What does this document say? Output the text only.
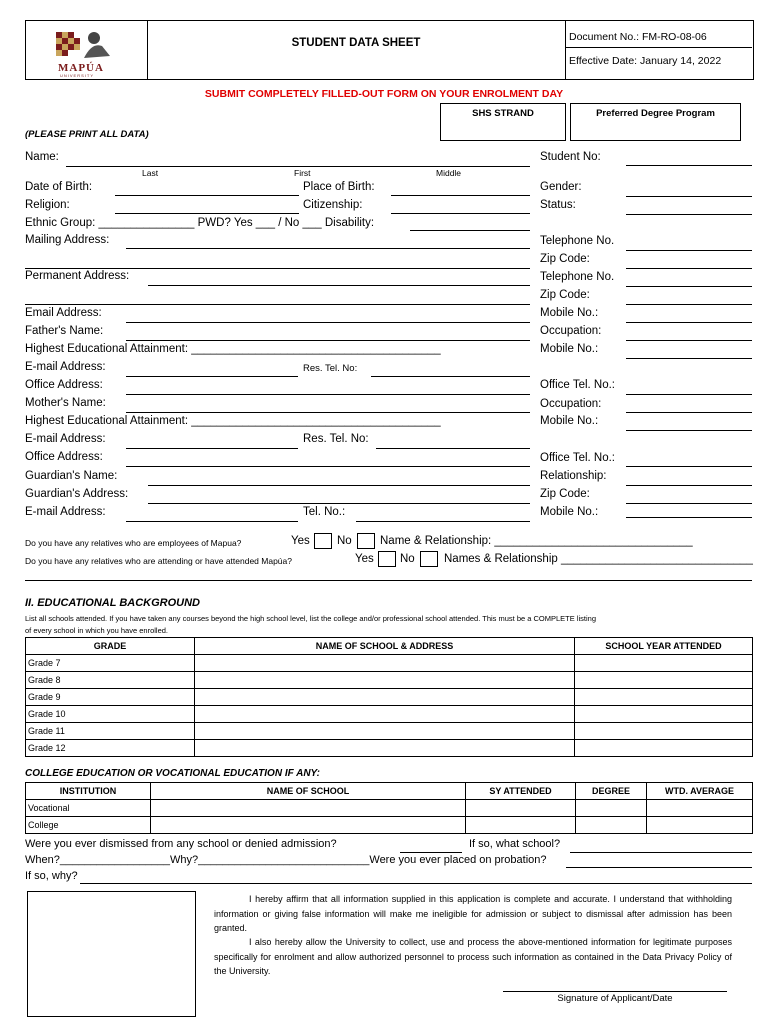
MAPÚA
UNIVERSITY
STUDENT DATA SHEET	Document No.: FM-RO-08-06
Effective Date: January 14, 2022
SUBMIT COMPLETELY FILLED-OUT FORM ON YOUR ENROLMENT DAY
SHS STRAND	Preferred Degree Program
(PLEASE PRINT ALL DATA)
Name:
Last	First	Middle
Student No:
Date of Birth:	Place of Birth:	Gender:
Religion:	Citizenship:	Status:
Ethnic Group: _______________ PWD? Yes ___ / No ___ Disability:
Mailing Address:	Telephone No.
Zip Code:
Permanent Address:	Telephone No.
Zip Code:
Email Address:	Mobile No.:
Father's Name:	Occupation:
Highest Educational Attainment: _______________________________________	Mobile No.:
E-mail Address:	Res. Tel. No:
Office Address:	Office Tel. No.:
Mother's Name:	Occupation:
Highest Educational Attainment: _______________________________________	Mobile No.:
E-mail Address:	Res. Tel. No:
Office Address:	Office Tel. No.:
Guardian's Name:	Relationship:
Guardian's Address:	Zip Code:
E-mail Address:	Tel. No.:	Mobile No.:
Do you have any relatives who are employees of Mapua?	Yes No Name & Relationship: _______________________________
Do you have any relatives who are attending or have attended Mapúa?	Yes No	Names & Relationship ______________________________
II. EDUCATIONAL BACKGROUND
List all schools attended. If you have taken any courses beyond the high school level, list the college and/or professional school attended. This must be a COMPLETE listing
of every school in which you have enrolled.
GRADE	NAME OF SCHOOL & ADDRESS	SCHOOL YEAR ATTENDED
Grade 7		
Grade 8		
Grade 9		
Grade 10		
Grade 11		
Grade 12		
COLLEGE EDUCATION OR VOCATIONAL EDUCATION IF ANY:
INSTITUTION	NAME OF SCHOOL	SY ATTENDED	DEGREE	WTD. AVERAGE
Vocational				
College				
Were you ever dismissed from any school or denied admission?	If so, what school?
When?__________________Why?____________________________Were you ever placed on probation?
If so, why?
I hereby affirm that all information supplied in this application is complete and accurate. I understand that withholding information or giving false information will make me ineligible for admission or subject to dismissal after admission has been granted.
I also hereby allow the University to collect, use and process the above-mentioned information for legitimate purposes specifically for enrolment and allow authorized personnel to process such information as contained in the Data Privacy Policy of the University.
Signature of Applicant/Date
